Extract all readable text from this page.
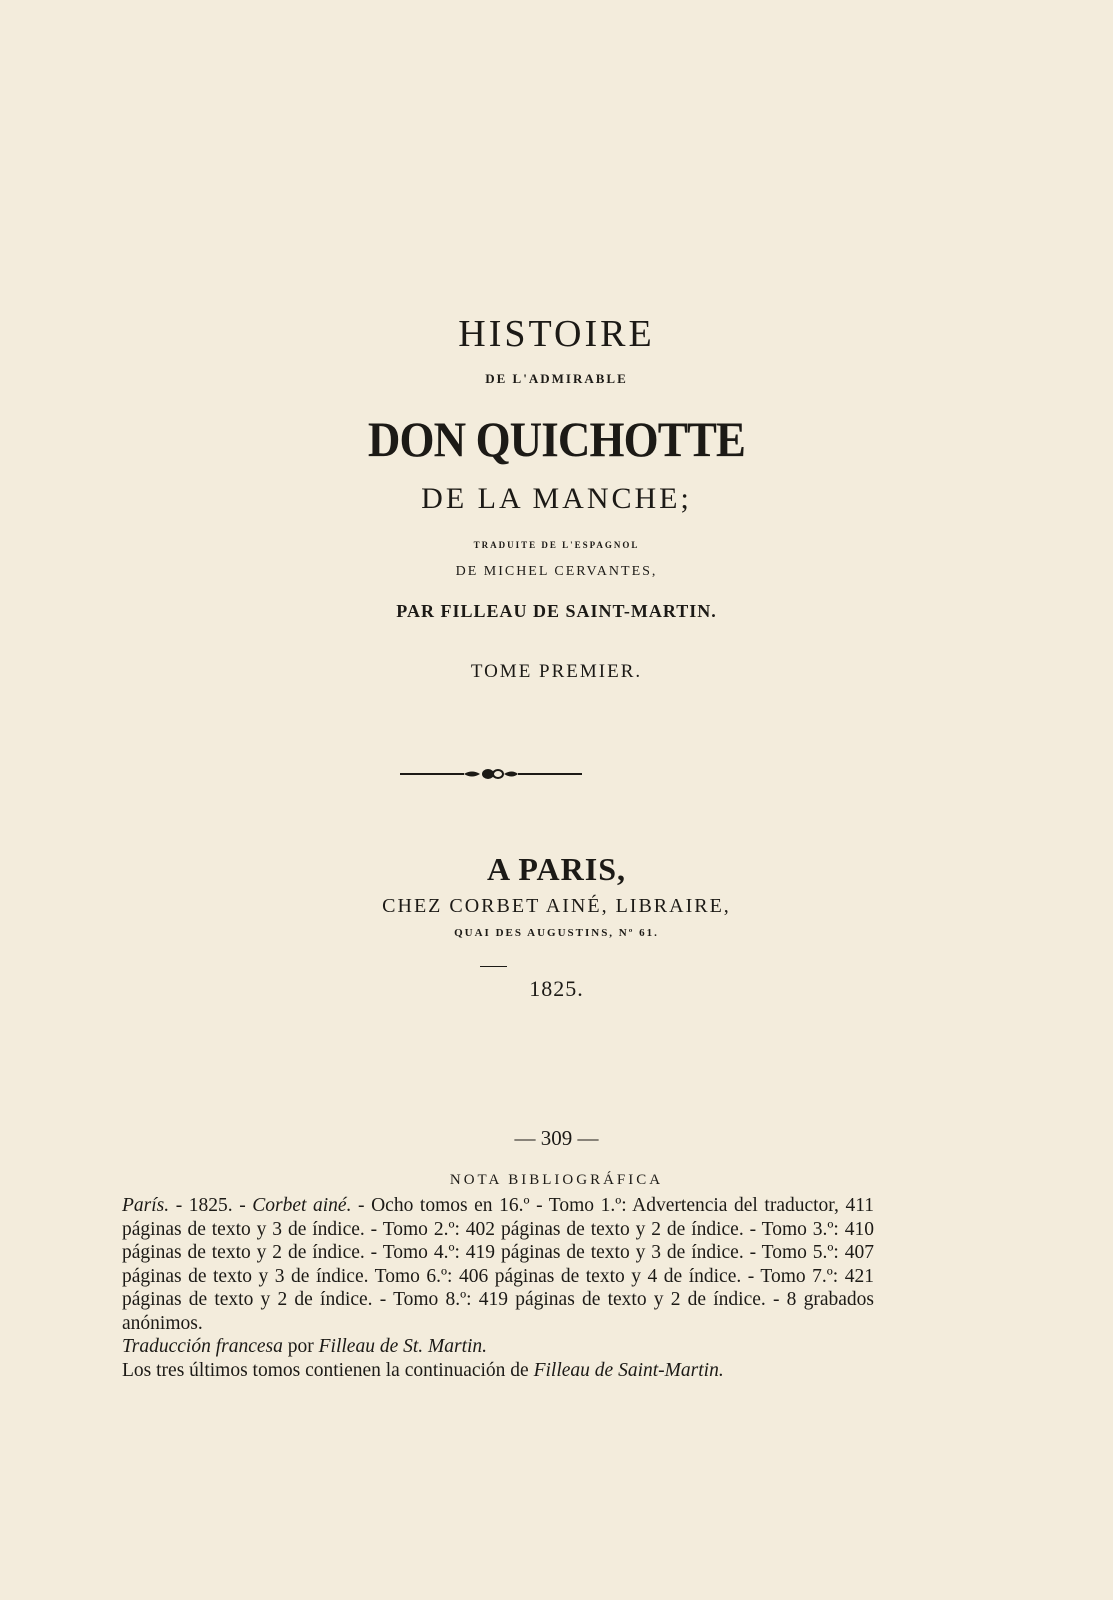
HISTOIRE
DE L'ADMIRABLE
DON QUICHOTTE
DE LA MANCHE;
TRADUITE DE L'ESPAGNOL
DE MICHEL CERVANTES,
PAR FILLEAU DE SAINT-MARTIN.
TOME PREMIER.
A PARIS,
CHEZ CORBET AINÉ, LIBRAIRE,
QUAI DES AUGUSTINS, Nº 61.
1825.
— 309 —
NOTA BIBLIOGRÁFICA

París. - 1825. - Corbet ainé. - Ocho tomos en 16.º - Tomo 1.º: Advertencia del traductor, 411 páginas de texto y 3 de índice. - Tomo 2.º: 402 páginas de texto y 2 de índice. - Tomo 3.º: 410 páginas de texto y 2 de índice. - Tomo 4.º: 419 páginas de texto y 3 de índice. - Tomo 5.º: 407 páginas de texto y 3 de índice. Tomo 6.º: 406 páginas de texto y 4 de índice. - Tomo 7.º: 421 páginas de texto y 2 de índice. - Tomo 8.º: 419 páginas de texto y 2 de índice. - 8 grabados anónimos.

Traducción francesa por Filleau de St. Martin.

Los tres últimos tomos contienen la continuación de Filleau de Saint-Martin.
